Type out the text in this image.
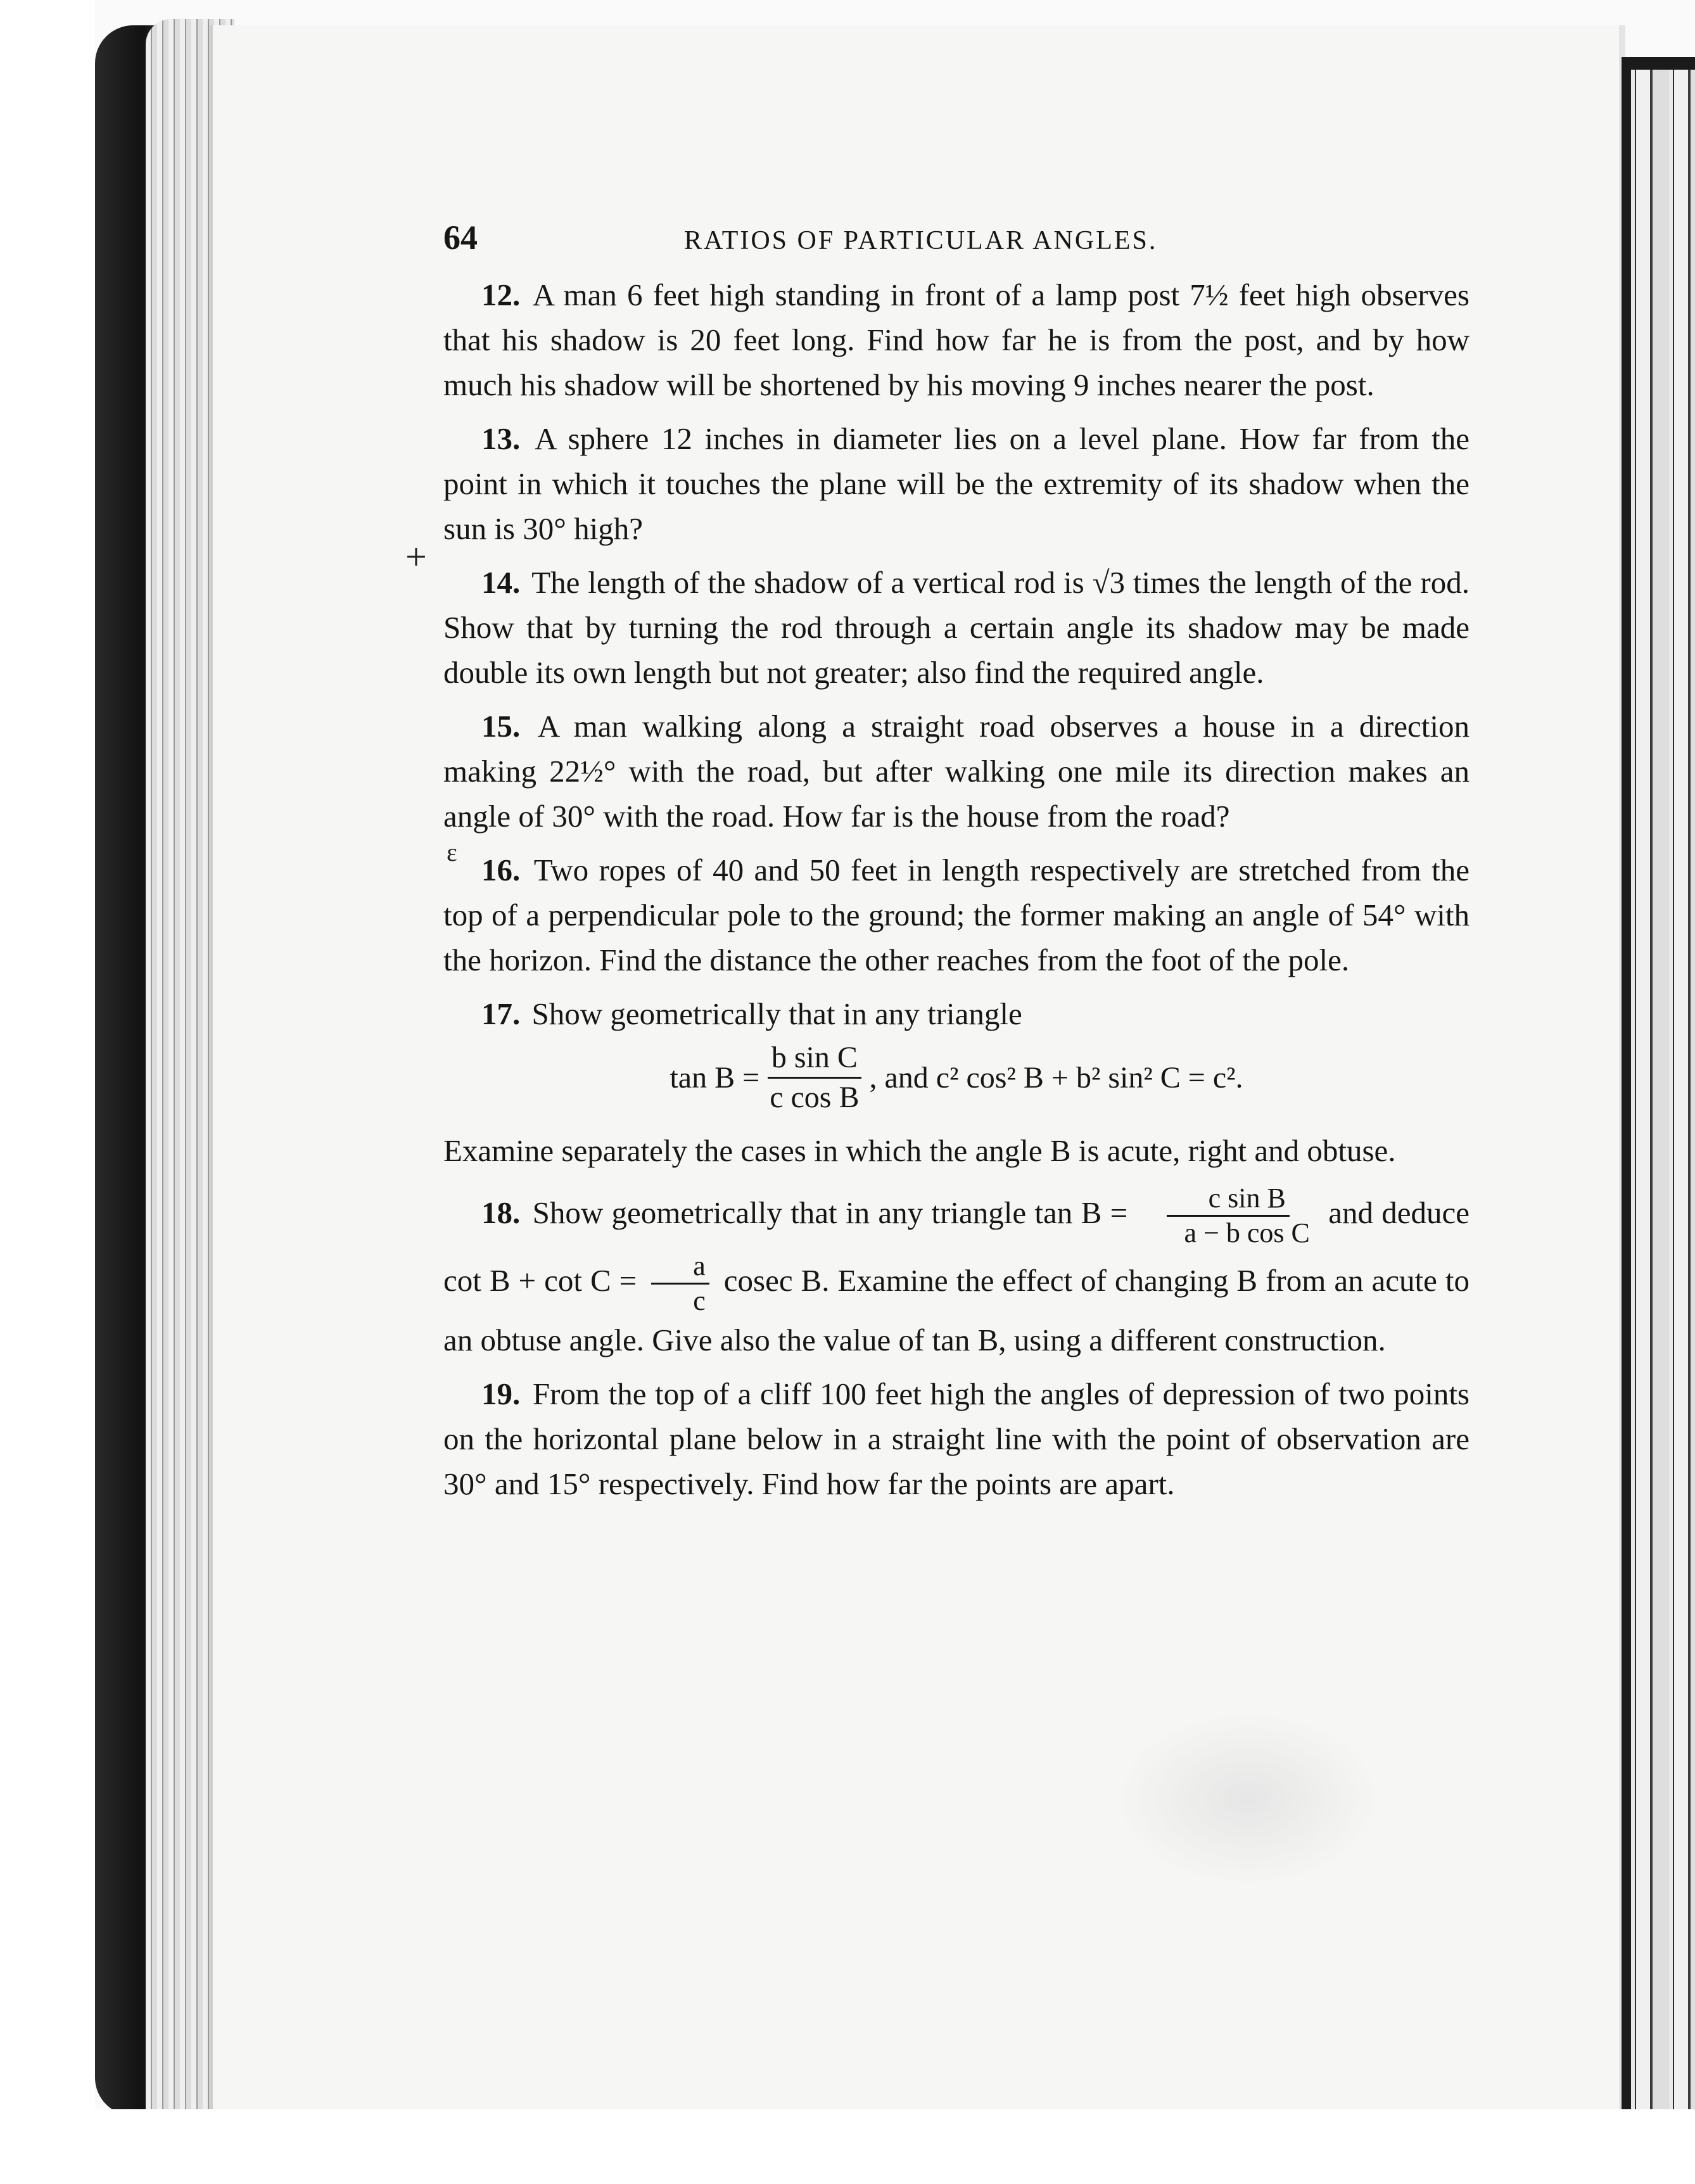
+
ɛ
64	RATIOS OF PARTICULAR ANGLES.

12. A man 6 feet high standing in front of a lamp post 7½ feet high observes that his shadow is 20 feet long. Find how far he is from the post, and by how much his shadow will be shortened by his moving 9 inches nearer the post.

13. A sphere 12 inches in diameter lies on a level plane. How far from the point in which it touches the plane will be the extremity of its shadow when the sun is 30° high?

14. The length of the shadow of a vertical rod is √3 times the length of the rod. Show that by turning the rod through a certain angle its shadow may be made double its own length but not greater; also find the required angle.

15. A man walking along a straight road observes a house in a direction making 22½° with the road, but after walking one mile its direction makes an angle of 30° with the road. How far is the house from the road?

16. Two ropes of 40 and 50 feet in length respectively are stretched from the top of a perpendicular pole to the ground; the former making an angle of 54° with the horizon. Find the distance the other reaches from the foot of the pole.

17. Show geometrically that in any triangle

$\tan B = \frac{\text{b sin C}}{\text{c cos B}}$ , and c² cos² B + b² sin² C = c².

Examine separately the cases in which the angle B is acute, right and obtuse.

18. Show geometrically that in any triangle $\tan B = \frac{\text{c sin B}}{\text{a − b cos C}}$ and deduce $\cot B + \cot C = \frac{a}{c}$ cosec B. Examine the effect of changing B from an acute to an obtuse angle. Give also the value of tan B, using a different construction.

19. From the top of a cliff 100 feet high the angles of depression of two points on the horizontal plane below in a straight line with the point of observation are 30° and 15° respectively. Find how far the points are apart.
